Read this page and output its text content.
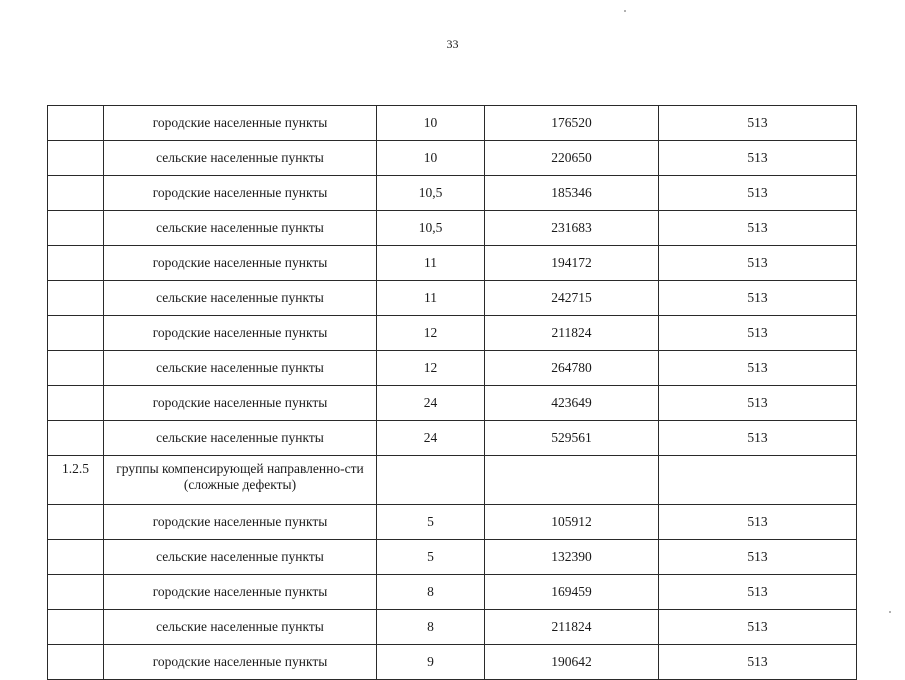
33
	городские населенные пункты	10	176520	513
	сельские населенные пункты	10	220650	513
	городские населенные пункты	10,5	185346	513
	сельские населенные пункты	10,5	231683	513
	городские населенные пункты	11	194172	513
	сельские населенные пункты	11	242715	513
	городские населенные пункты	12	211824	513
	сельские населенные пункты	12	264780	513
	городские населенные пункты	24	423649	513
	сельские населенные пункты	24	529561	513
1.2.5	группы компенсирующей направленно-сти (сложные дефекты)			
	городские населенные пункты	5	105912	513
	сельские населенные пункты	5	132390	513
	городские населенные пункты	8	169459	513
	сельские населенные пункты	8	211824	513
	городские населенные пункты	9	190642	513
